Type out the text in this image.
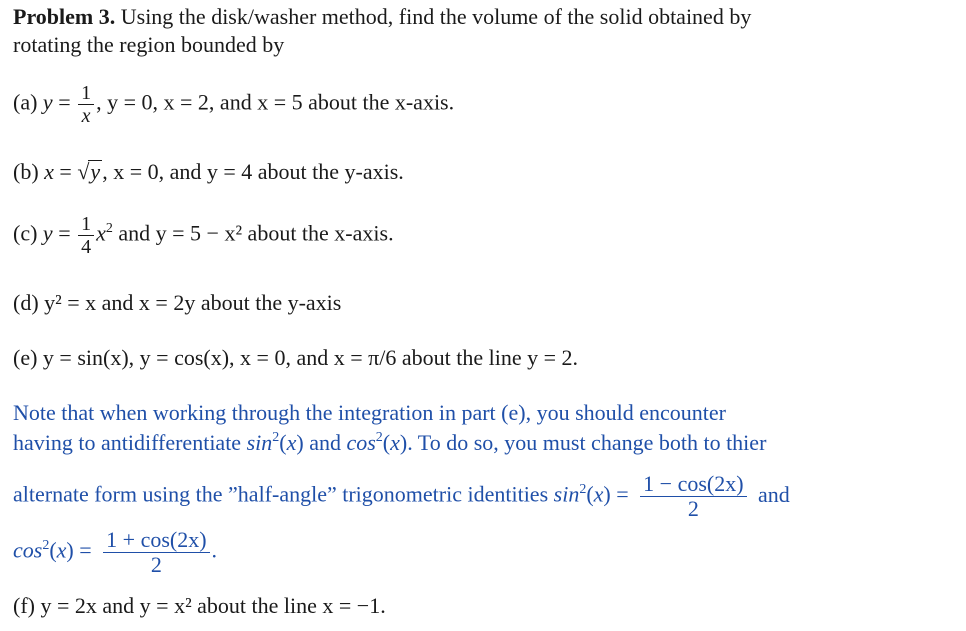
Problem 3. Using the disk/washer method, find the volume of the solid obtained by
rotating the region bounded by
(a) $y = \frac{1}{x}$ , y = 0, x = 2, and x = 5 about the x-axis.
(b) x = √y, x = 0, and y = 4 about the y-axis.
(c) $y = \frac{1}{4} x^2$ and y = 5 − x² about the x-axis.
(d) y² = x and x = 2y about the y-axis
(e) y = sin(x), y = cos(x), x = 0, and x = π/6 about the line y = 2.
Note that when working through the integration in part (e), you should encounter
having to antidifferentiate $\sin^2(x)$ and $\cos^2(x)$. To do so, you must change both to thier
alternate form using the ”half-angle” trigonometric identities $\sin^2(x) = \frac{1 - \cos(2x)}{2}$ and
$\cos^2(x) = \frac{1 + \cos(2x)}{2}$ .
(f) y = 2x and y = x² about the line x = −1.
